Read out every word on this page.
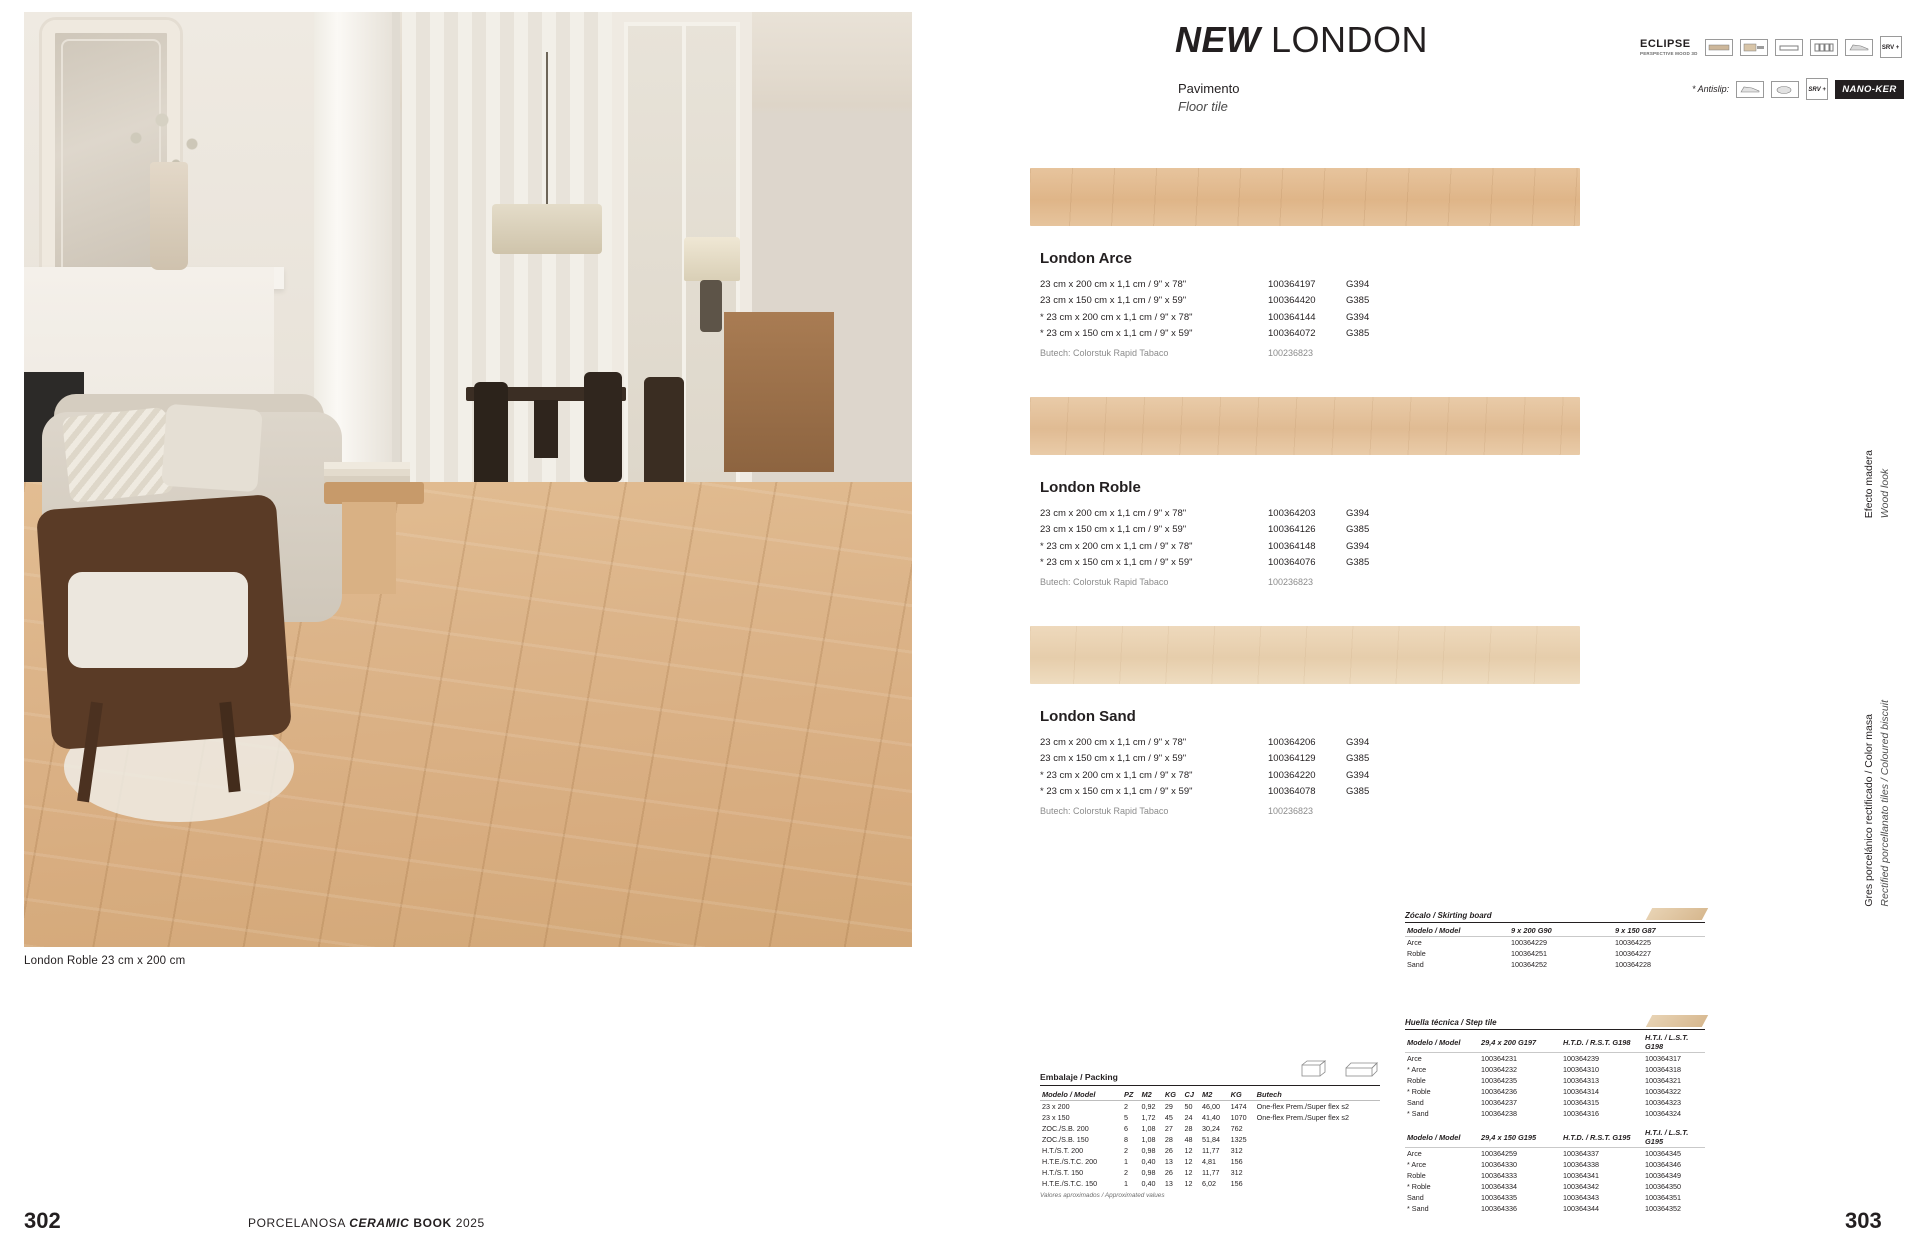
London Roble 23 cm x 200 cm
NEW LONDON
Pavimento
Floor tile
ECLIPSE
PERSPECTIVE MOOD 3D
SRV +
* Antislip:	SRV +	NANO-KER
London Arce
23 cm x 200 cm x 1,1 cm / 9" x 78"	100364197	G394
23 cm x 150 cm x 1,1 cm / 9" x 59"	100364420	G385
* 23 cm x 200 cm x 1,1 cm / 9" x 78"	100364144	G394
* 23 cm x 150 cm x 1,1 cm / 9" x 59"	100364072	G385
Butech: Colorstuk Rapid Tabaco	100236823
London Roble
23 cm x 200 cm x 1,1 cm / 9" x 78"	100364203	G394
23 cm x 150 cm x 1,1 cm / 9" x 59"	100364126	G385
* 23 cm x 200 cm x 1,1 cm / 9" x 78"	100364148	G394
* 23 cm x 150 cm x 1,1 cm / 9" x 59"	100364076	G385
Butech: Colorstuk Rapid Tabaco	100236823
London Sand
23 cm x 200 cm x 1,1 cm / 9" x 78"	100364206	G394
23 cm x 150 cm x 1,1 cm / 9" x 59"	100364129	G385
* 23 cm x 200 cm x 1,1 cm / 9" x 78"	100364220	G394
* 23 cm x 150 cm x 1,1 cm / 9" x 59"	100364078	G385
Butech: Colorstuk Rapid Tabaco	100236823
Efecto madera Wood look
Gres porcelánico rectificado / Color masa Rectified porcellanato tiles / Coloured biscuit
Embalaje / Packing
Modelo / Model	PZ	M2	KG	CJ	M2	KG	Butech
23 x 200	2	0,92	29	50	46,00	1474	One-flex Prem./Super flex s2
23 x 150	5	1,72	45	24	41,40	1070	One-flex Prem./Super flex s2
ZOC./S.B. 200	6	1,08	27	28	30,24	762	
ZOC./S.B. 150	8	1,08	28	48	51,84	1325	
H.T./S.T. 200	2	0,98	26	12	11,77	312	
H.T.E./S.T.C. 200	1	0,40	13	12	4,81	156	
H.T./S.T. 150	2	0,98	26	12	11,77	312	
H.T.E./S.T.C. 150	1	0,40	13	12	6,02	156	
Valores aproximados / Approximated values
Zócalo / Skirting board
Modelo / Model	9 x 200 G90	9 x 150 G87
Arce	100364229	100364225
Roble	100364251	100364227
Sand	100364252	100364228
Huella técnica / Step tile
Modelo / Model	29,4 x 200 G197	H.T.D. / R.S.T. G198	H.T.I. / L.S.T. G198
Arce	100364231	100364239	100364317
* Arce	100364232	100364310	100364318
Roble	100364235	100364313	100364321
* Roble	100364236	100364314	100364322
Sand	100364237	100364315	100364323
* Sand	100364238	100364316	100364324
Modelo / Model	29,4 x 150 G195	H.T.D. / R.S.T. G195	H.T.I. / L.S.T. G195
Arce	100364259	100364337	100364345
* Arce	100364330	100364338	100364346
Roble	100364333	100364341	100364349
* Roble	100364334	100364342	100364350
Sand	100364335	100364343	100364351
* Sand	100364336	100364344	100364352
302	303
PORCELANOSA CERAMIC BOOK 2025
